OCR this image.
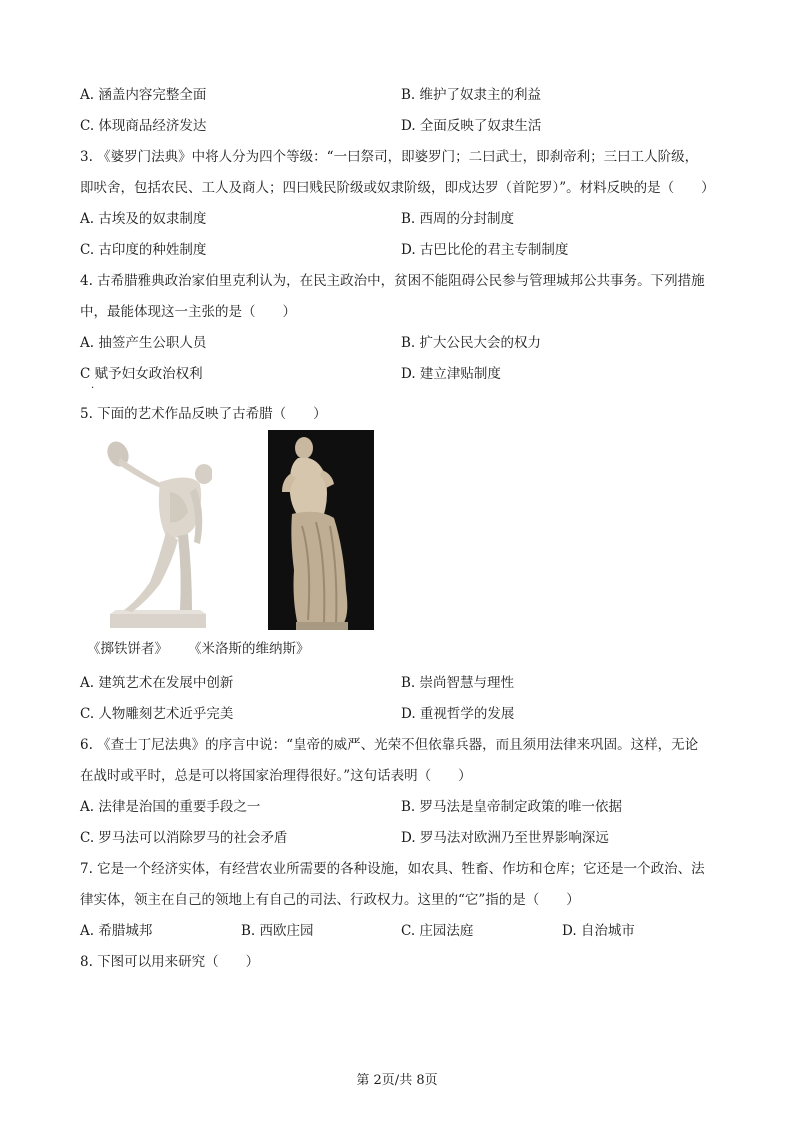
A. 涵盖内容完整全面	B. 维护了奴隶主的利益
C. 体现商品经济发达	D. 全面反映了奴隶生活
3. 《婆罗门法典》中将人分为四个等级：“一曰祭司，即婆罗门；二曰武士，即刹帝利；三曰工人阶级，
即吠舍，包括农民、工人及商人；四曰贱民阶级或奴隶阶级，即戍达罗（首陀罗）”。材料反映的是（　　）
A. 古埃及的奴隶制度	B. 西周的分封制度
C. 古印度的种姓制度	D. 古巴比伦的君主专制制度
4. 古希腊雅典政治家伯里克利认为，在民主政治中，贫困不能阻碍公民参与管理城邦公共事务。下列措施
中，最能体现这一主张的是（　　）
A. 抽签产生公职人员	B. 扩大公民大会的权力
C 赋予妇女政治权利	D. 建立津贴制度
·
5. 下面的艺术作品反映了古希腊（　　）
《掷铁饼者》 《米洛斯的维纳斯》
A. 建筑艺术在发展中创新	B. 崇尚智慧与理性
C. 人物雕刻艺术近乎完美	D. 重视哲学的发展
6. 《查士丁尼法典》的序言中说：“皇帝的威严、光荣不但依靠兵器，而且须用法律来巩固。这样，无论
在战时或平时，总是可以将国家治理得很好。”这句话表明（　　）
A. 法律是治国的重要手段之一	B. 罗马法是皇帝制定政策的唯一依据
C. 罗马法可以消除罗马的社会矛盾	D. 罗马法对欧洲乃至世界影响深远
7. 它是一个经济实体，有经营农业所需要的各种设施，如农具、牲畜、作坊和仓库；它还是一个政治、法
律实体，领主在自己的领地上有自己的司法、行政权力。这里的“它”指的是（　　）
A. 希腊城邦	B. 西欧庄园	C. 庄园法庭	D. 自治城市
8. 下图可以用来研究（　　）
第 2页/共 8页
